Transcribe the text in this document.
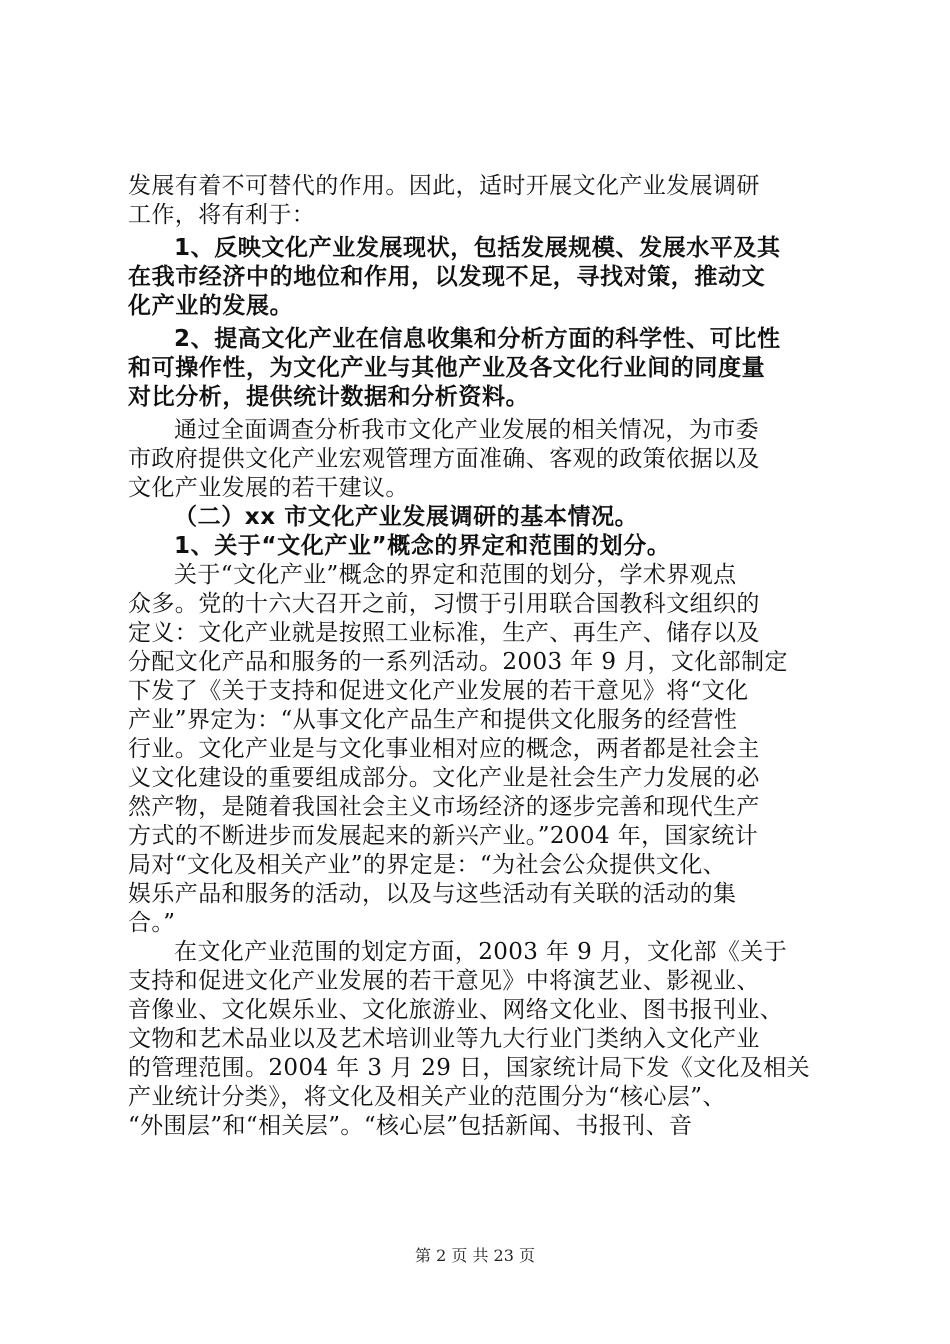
发展有着不可替代的作用。因此，适时开展文化产业发展调研
工作，将有利于：
1、反映文化产业发展现状，包括发展规模、发展水平及其
在我市经济中的地位和作用，以发现不足，寻找对策，推动文
化产业的发展。
2、提高文化产业在信息收集和分析方面的科学性、可比性
和可操作性，为文化产业与其他产业及各文化行业间的同度量
对比分析，提供统计数据和分析资料。
通过全面调查分析我市文化产业发展的相关情况，为市委
市政府提供文化产业宏观管理方面准确、客观的政策依据以及
文化产业发展的若干建议。
（二）xx 市文化产业发展调研的基本情况。
1、关于“文化产业”概念的界定和范围的划分。
关于“文化产业”概念的界定和范围的划分，学术界观点
众多。党的十六大召开之前，习惯于引用联合国教科文组织的
定义：文化产业就是按照工业标准，生产、再生产、储存以及
分配文化产品和服务的一系列活动。2003 年 9 月，文化部制定
下发了《关于支持和促进文化产业发展的若干意见》将“文化
产业”界定为：“从事文化产品生产和提供文化服务的经营性
行业。文化产业是与文化事业相对应的概念，两者都是社会主
义文化建设的重要组成部分。文化产业是社会生产力发展的必
然产物，是随着我国社会主义市场经济的逐步完善和现代生产
方式的不断进步而发展起来的新兴产业。”2004 年，国家统计
局对“文化及相关产业”的界定是：“为社会公众提供文化、
娱乐产品和服务的活动，以及与这些活动有关联的活动的集
合。”
在文化产业范围的划定方面，2003 年 9 月，文化部《关于
支持和促进文化产业发展的若干意见》中将演艺业、影视业、
音像业、文化娱乐业、文化旅游业、网络文化业、图书报刊业、
文物和艺术品业以及艺术培训业等九大行业门类纳入文化产业
的管理范围。2004 年 3 月 29 日，国家统计局下发《文化及相关
产业统计分类》，将文化及相关产业的范围分为“核心层”、
“外围层”和“相关层”。“核心层”包括新闻、书报刊、音
第 2 页 共 23 页
